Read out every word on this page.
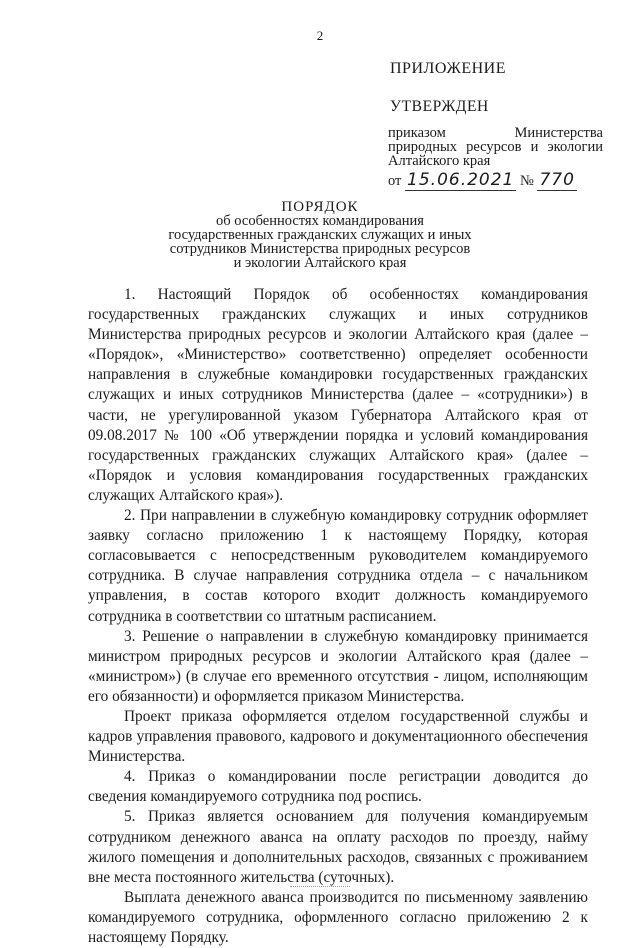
2
ПРИЛОЖЕНИЕ
УТВЕРЖДЕН
приказом Министерства природных ресурсов и экологии Алтайского края
от 15.06.2021 № 770
ПОРЯДОК
об особенностях командирования
государственных гражданских служащих и иных
сотрудников Министерства природных ресурсов
и экологии Алтайского края

1. Настоящий Порядок об особенностях командирования государственных гражданских служащих и иных сотрудников Министерства природных ресурсов и экологии Алтайского края (далее – «Порядок», «Министерство» соответственно) определяет особенности направления в служебные командировки государственных гражданских служащих и иных сотрудников Министерства (далее – «сотрудники») в части, не урегулированной указом Губернатора Алтайского края от 09.08.2017 № 100 «Об утверждении порядка и условий командирования государственных гражданских служащих Алтайского края» (далее – «Порядок и условия командирования государственных гражданских служащих Алтайского края»).

2. При направлении в служебную командировку сотрудник оформляет заявку согласно приложению 1 к настоящему Порядку, которая согласовывается с непосредственным руководителем командируемого сотрудника. В случае направления сотрудника отдела – с начальником управления, в состав которого входит должность командируемого сотрудника в соответствии со штатным расписанием.

3. Решение о направлении в служебную командировку принимается министром природных ресурсов и экологии Алтайского края (далее – «министром») (в случае его временного отсутствия - лицом, исполняющим его обязанности) и оформляется приказом Министерства.

Проект приказа оформляется отделом государственной службы и кадров управления правового, кадрового и документационного обеспечения Министерства.

4. Приказ о командировании после регистрации доводится до сведения командируемого сотрудника под роспись.

5. Приказ является основанием для получения командируемым сотрудником денежного аванса на оплату расходов по проезду, найму жилого помещения и дополнительных расходов, связанных с проживанием вне места постоянного жительства (суточных).

Выплата денежного аванса производится по письменному заявлению командируемого сотрудника, оформленного согласно приложению 2 к настоящему Порядку.
